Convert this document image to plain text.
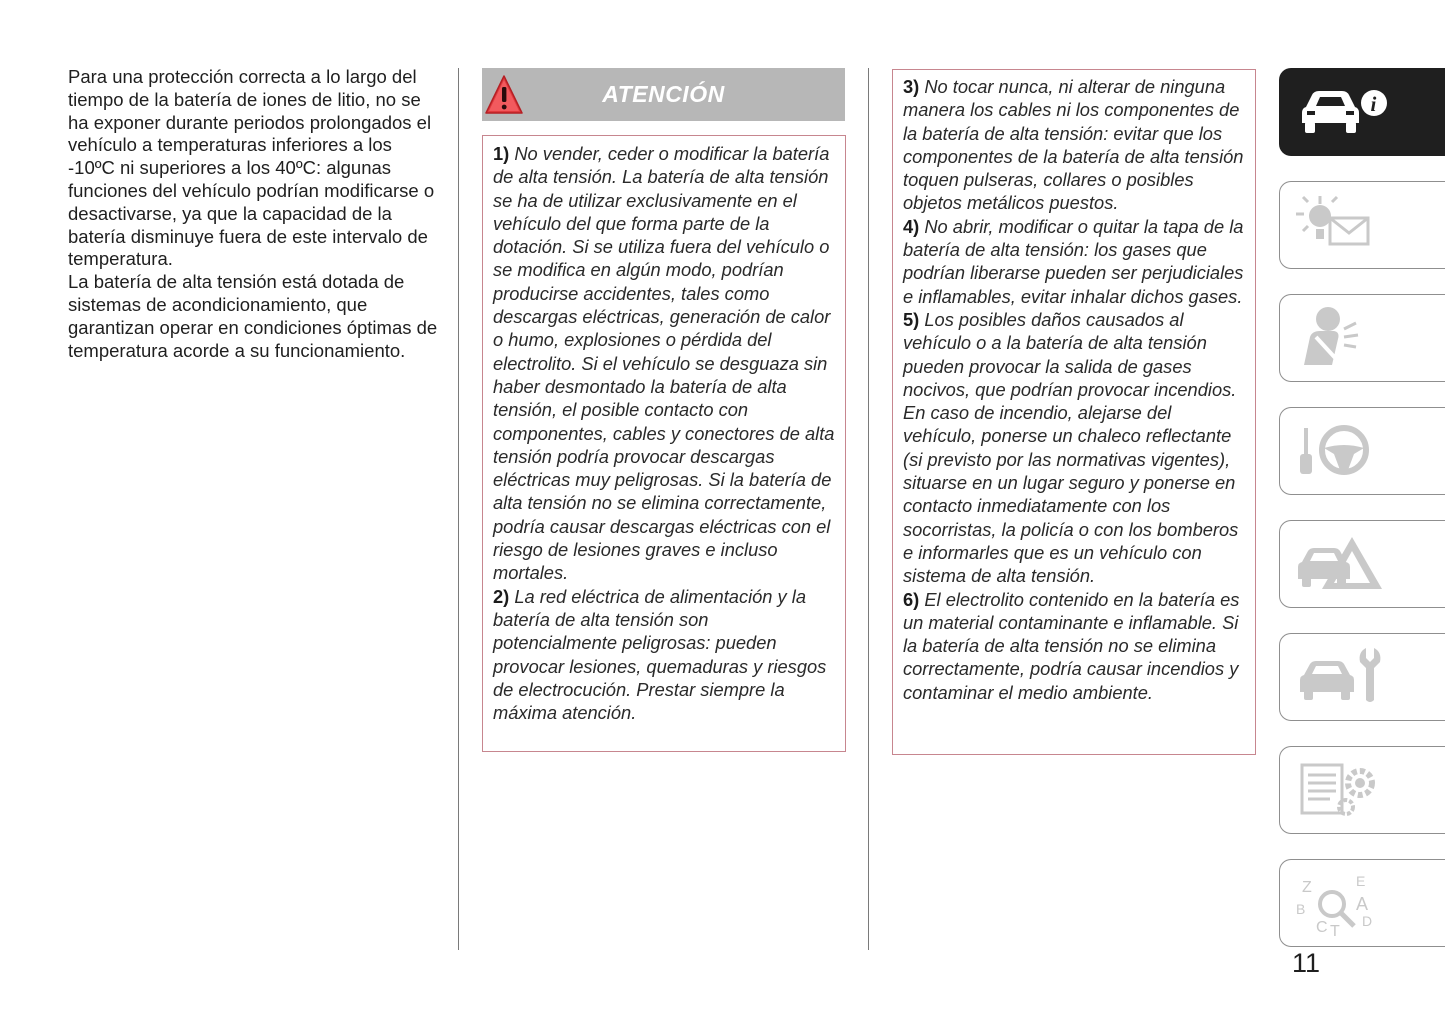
Para una protección correcta a lo largo del tiempo de la batería de iones de litio, no se ha exponer durante periodos prolongados el vehículo a temperaturas inferiores a los -10ºC ni superiores a los 40ºC: algunas funciones del vehículo podrían modificarse o desactivarse, ya que la capacidad de la batería disminuye fuera de este intervalo de temperatura.
La batería de alta tensión está dotada de sistemas de acondicionamiento, que garantizan operar en condiciones óptimas de temperatura acorde a su funcionamiento.
ATENCIÓN

1) No vender, ceder o modificar la batería de alta tensión. La batería de alta tensión se ha de utilizar exclusivamente en el vehículo del que forma parte de la dotación. Si se utiliza fuera del vehículo o se modifica en algún modo, podrían producirse accidentes, tales como descargas eléctricas, generación de calor o humo, explosiones o pérdida del electrolito. Si el vehículo se desguaza sin haber desmontado la batería de alta tensión, el posible contacto con componentes, cables y conectores de alta tensión podría provocar descargas eléctricas muy peligrosas. Si la batería de alta tensión no se elimina correctamente, podría causar descargas eléctricas con el riesgo de lesiones graves e incluso mortales.

2) La red eléctrica de alimentación y la batería de alta tensión son potencialmente peligrosas: pueden provocar lesiones, quemaduras y riesgos de electrocución. Prestar siempre la máxima atención.

3) No tocar nunca, ni alterar de ninguna manera los cables ni los componentes de la batería de alta tensión: evitar que los componentes de la batería de alta tensión toquen pulseras, collares o posibles objetos metálicos puestos.

4) No abrir, modificar o quitar la tapa de la batería de alta tensión: los gases que podrían liberarse pueden ser perjudiciales e inflamables, evitar inhalar dichos gases.

5) Los posibles daños causados al vehículo o a la batería de alta tensión pueden provocar la salida de gases nocivos, que podrían provocar incendios. En caso de incendio, alejarse del vehículo, ponerse un chaleco reflectante (si previsto por las normativas vigentes), situarse en un lugar seguro y ponerse en contacto inmediatamente con los socorristas, la policía o con los bomberos e informarles que es un vehículo con sistema de alta tensión.

6) El electrolito contenido en la batería es un material contaminante e inflamable. Si la batería de alta tensión no se elimina correctamente, podría causar incendios y contaminar el medio ambiente.

i
Z	E
B	A
C T
D
11
